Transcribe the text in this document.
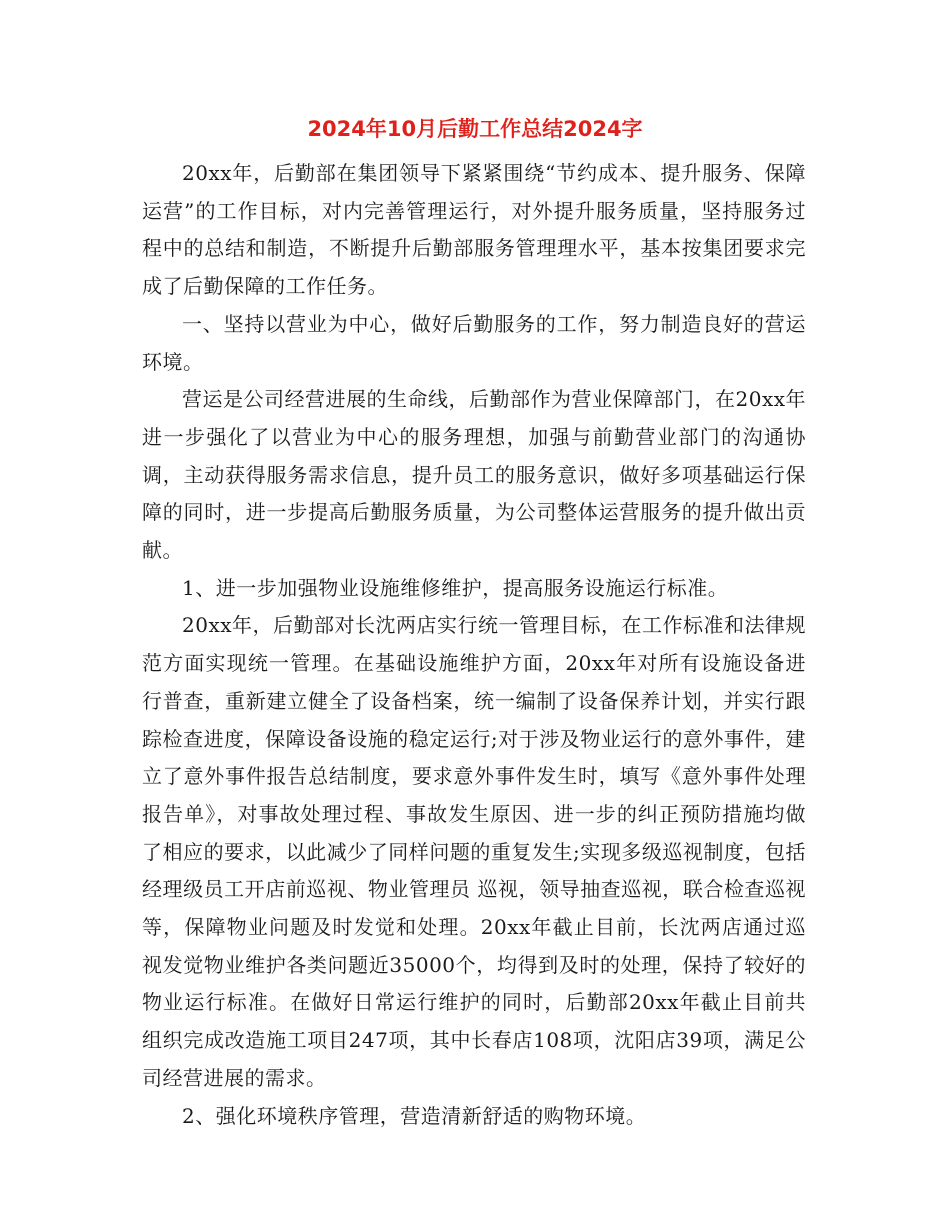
2024年10月后勤工作总结2024字

20xx年，后勤部在集团领导下紧紧围绕“节约成本、提升服务、保障运营”的工作目标，对内完善管理运行，对外提升服务质量，坚持服务过程中的总结和制造，不断提升后勤部服务管理理水平，基本按集团要求完成了后勤保障的工作任务。

一、坚持以营业为中心，做好后勤服务的工作，努力制造良好的营运环境。

营运是公司经营进展的生命线，后勤部作为营业保障部门，在20xx年进一步强化了以营业为中心的服务理想，加强与前勤营业部门的沟通协调，主动获得服务需求信息，提升员工的服务意识，做好多项基础运行保障的同时，进一步提高后勤服务质量，为公司整体运营服务的提升做出贡献。

1、进一步加强物业设施维修维护，提高服务设施运行标准。

20xx年，后勤部对长沈两店实行统一管理目标，在工作标准和法律规范方面实现统一管理。在基础设施维护方面，20xx年对所有设施设备进行普查，重新建立健全了设备档案，统一编制了设备保养计划，并实行跟踪检查进度，保障设备设施的稳定运行;对于涉及物业运行的意外事件，建立了意外事件报告总结制度，要求意外事件发生时，填写《意外事件处理报告单》，对事故处理过程、事故发生原因、进一步的纠正预防措施均做了相应的要求，以此减少了同样问题的重复发生;实现多级巡视制度，包括经理级员工开店前巡视、物业管理员 巡视，领导抽查巡视，联合检查巡视等，保障物业问题及时发觉和处理。20xx年截止目前，长沈两店通过巡视发觉物业维护各类问题近35000个，均得到及时的处理，保持了较好的物业运行标准。在做好日常运行维护的同时，后勤部20xx年截止目前共组织完成改造施工项目247项，其中长春店108项，沈阳店39项，满足公司经营进展的需求。

2、强化环境秩序管理，营造清新舒适的购物环境。
